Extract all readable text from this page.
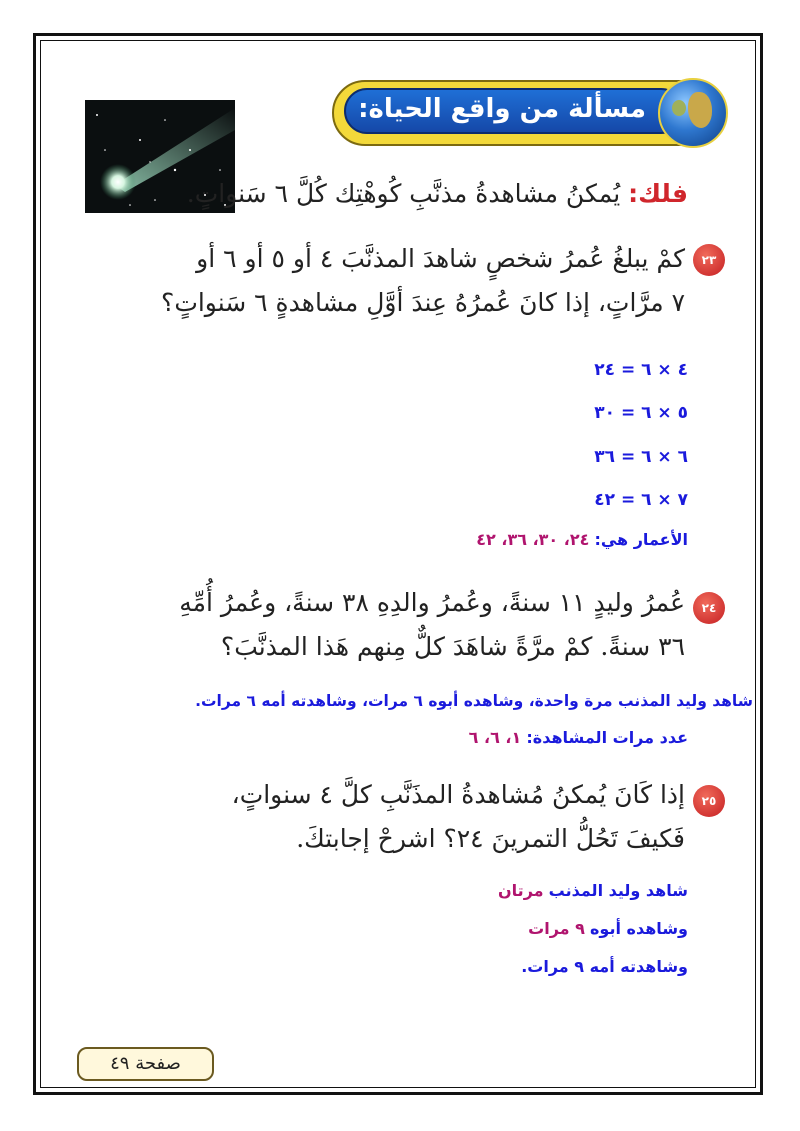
مسألة من واقع الحياة:
فلك: يُمكنُ مشاهدةُ مذنَّبِ كُوهْتِك كُلَّ ٦ سَنواتٍ.
٢٣
كمْ يبلغُ عُمرُ شخصٍ شاهدَ المذنَّبَ ٤ أو ٥ أو ٦ أو
٧ مرَّاتٍ، إذا كانَ عُمرُهُ عِندَ أوَّلِ مشاهدةٍ ٦ سَنواتٍ؟
٤ × ٦ = ٢٤
٥ × ٦ = ٣٠
٦ × ٦ = ٣٦
٧ × ٦ = ٤٢
الأعمار هي: ٢٤، ٣٠، ٣٦، ٤٢
٢٤
عُمرُ وليدٍ ١١ سنةً، وعُمرُ والدِهِ ٣٨ سنةً، وعُمرُ أُمِّهِ
٣٦ سنةً. كمْ مرَّةً شاهَدَ كلٌّ مِنهم هَذا المذنَّبَ؟
شاهد وليد المذنب مرة واحدة، وشاهده أبوه ٦ مرات، وشاهدته أمه ٦ مرات.
عدد مرات المشاهدة: ١، ٦، ٦
٢٥
إذا كَانَ يُمكنُ مُشاهدةُ المذَنَّبِ كلَّ ٤ سنواتٍ،
فَكيفَ تَحُلُّ التمرينَ ٢٤؟ اشرحْ إجابتكَ.
شاهد وليد المذنب مرتان
وشاهده أبوه ٩ مرات
وشاهدته أمه ٩ مرات.
صفحة ٤٩
